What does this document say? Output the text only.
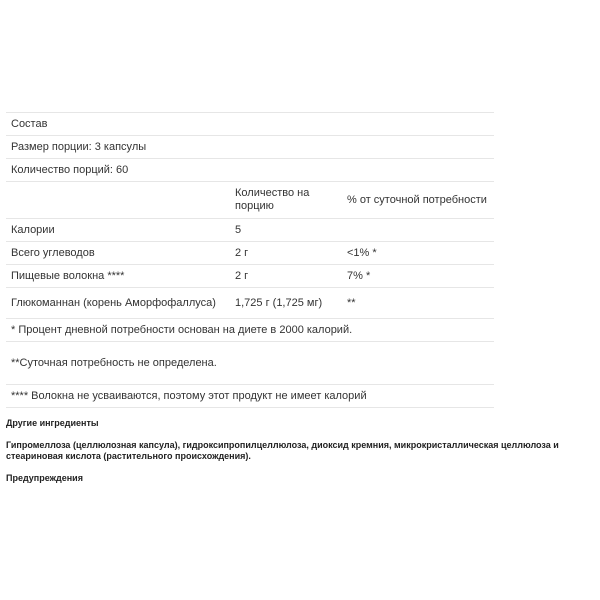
Состав		
Размер порции: 3 капсулы		
Количество порций: 60		
	Количество на порцию	% от суточной потребности
Калории	5	
Всего углеводов	2 г	<1% *
Пищевые волокна ****	2 г	7% *
Глюкоманнан (корень Аморфофаллуса)	1,725 г (1,725 мг)	**
* Процент дневной потребности основан на диете в 2000 калорий.		
**Суточная потребность не определена.		
**** Волокна не усваиваются, поэтому этот продукт не имеет калорий		
Другие ингредиенты
Гипромеллоза (целлюлозная капсула), гидроксипропилцеллюлоза, диоксид кремния, микрокристаллическая целлюлоза и стеариновая кислота (растительного происхождения).
Предупреждения
